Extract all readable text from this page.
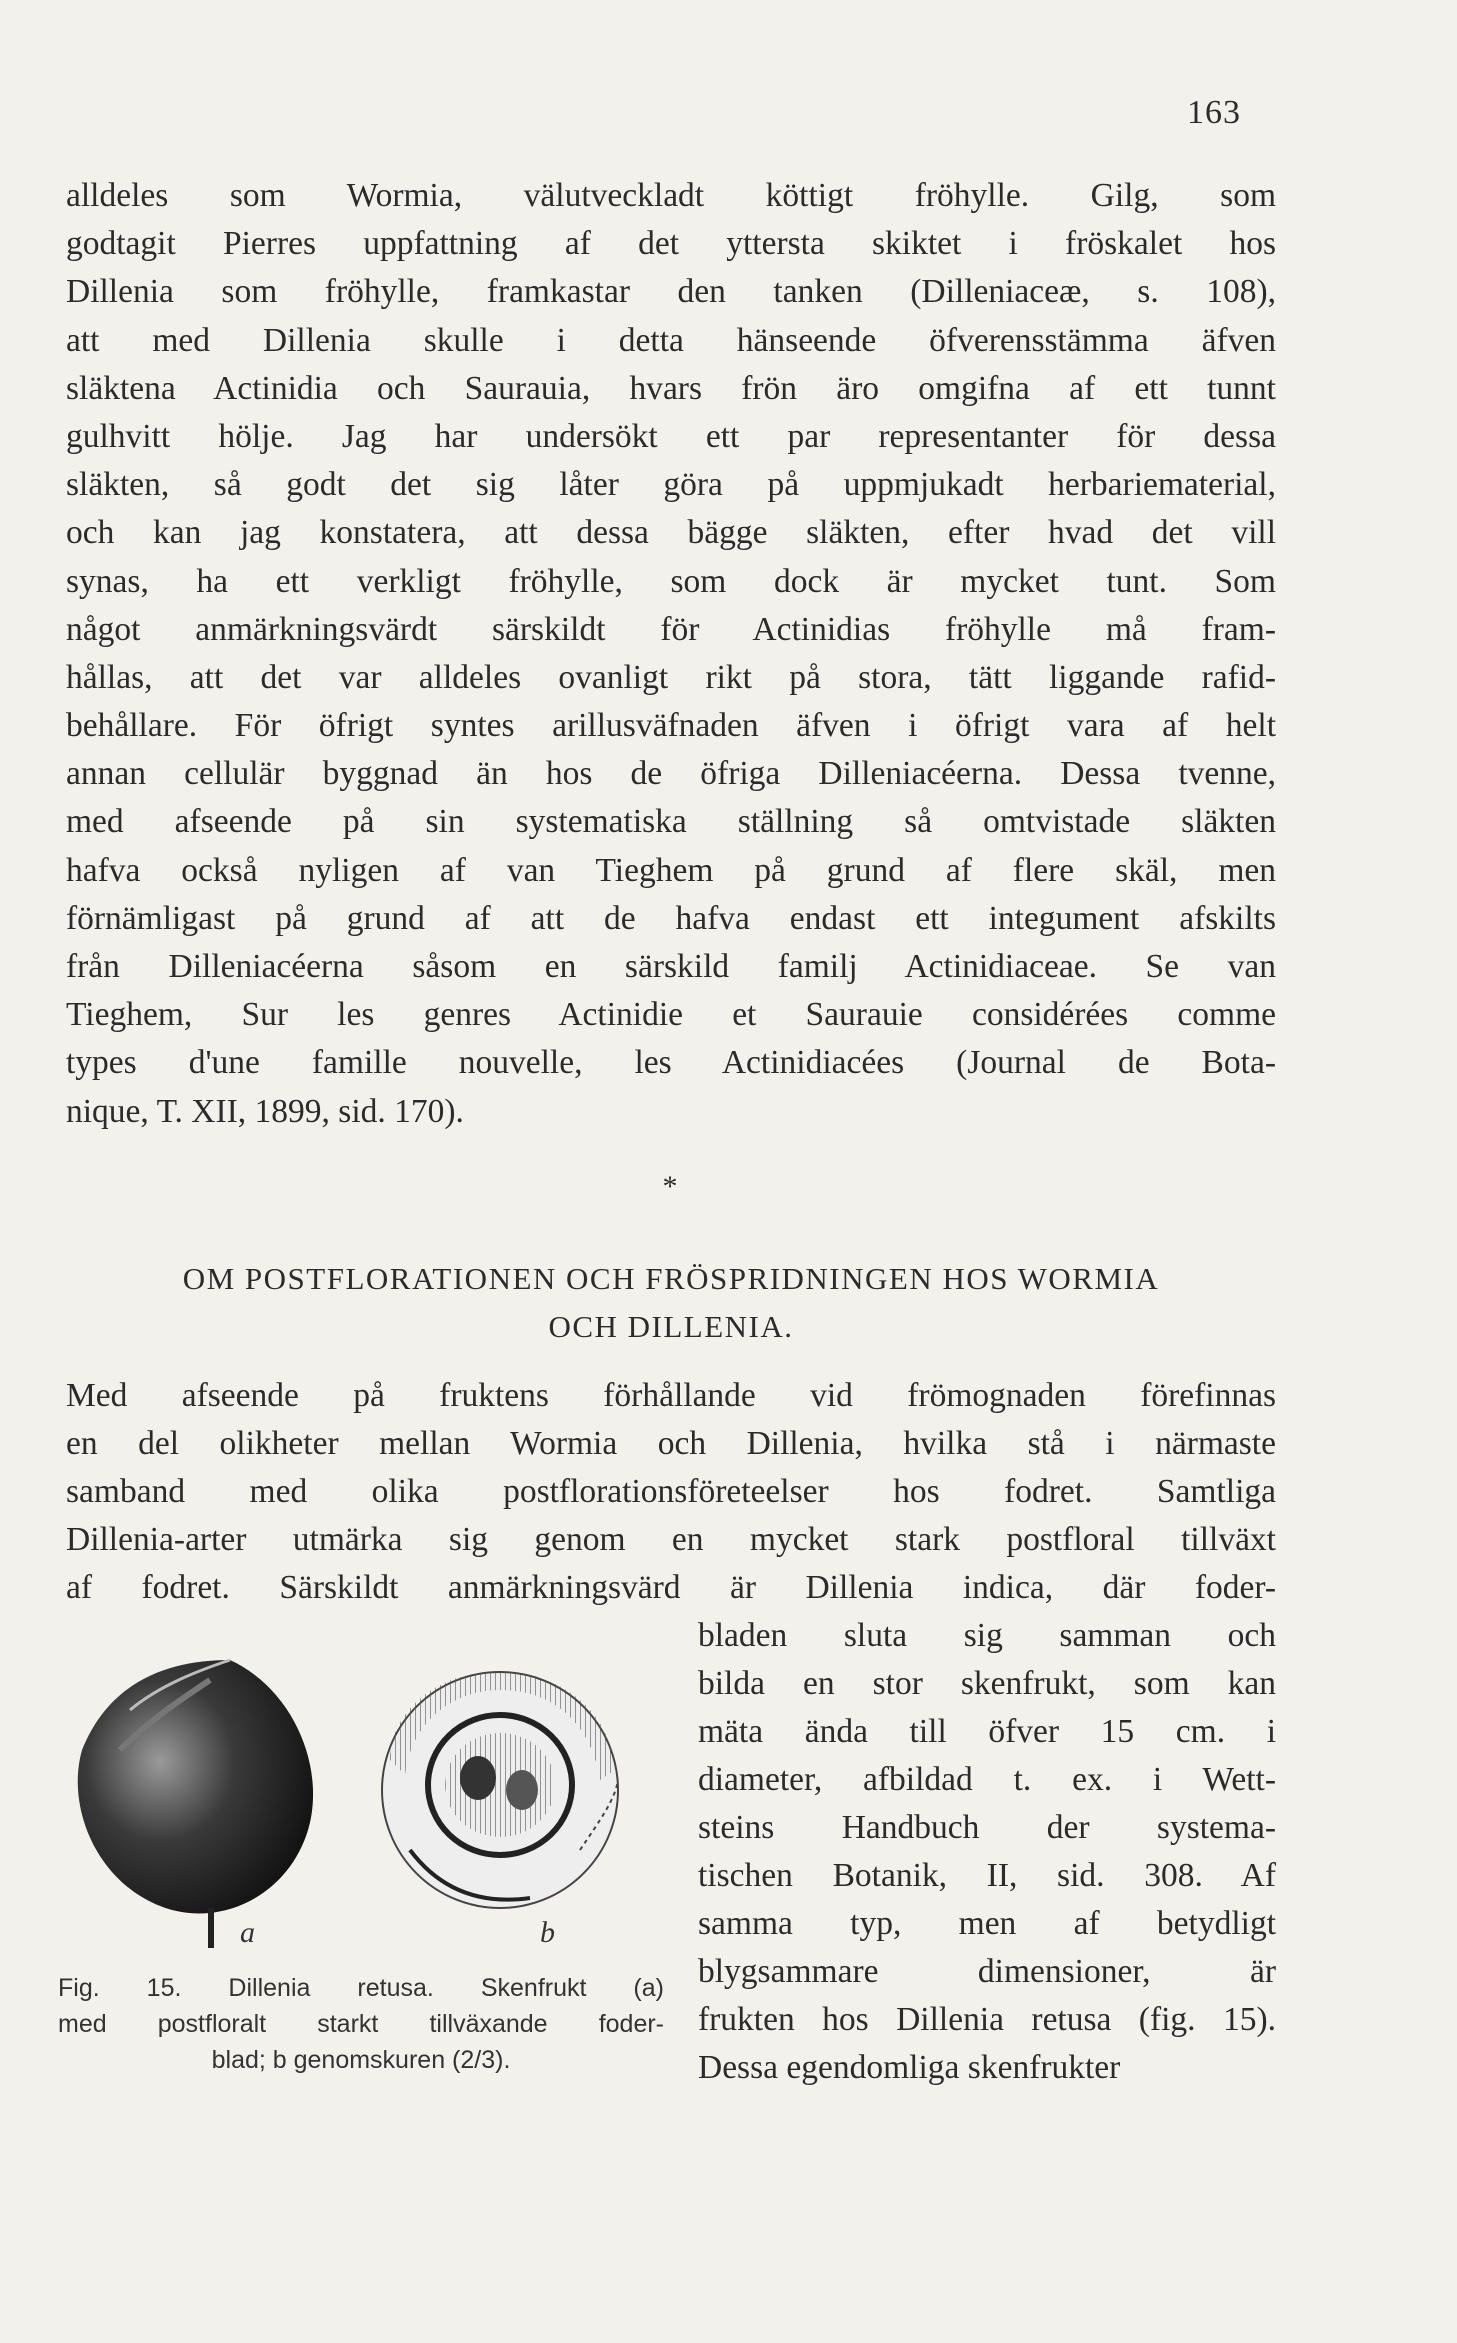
163
alldeles som Wormia, välutveckladt köttigt fröhylle. Gilg, som
godtagit Pierres uppfattning af det yttersta skiktet i fröskalet hos
Dillenia som fröhylle, framkastar den tanken (Dilleniaceæ, s. 108),
att med Dillenia skulle i detta hänseende öfverensstämma äfven
släktena Actinidia och Saurauia, hvars frön äro omgifna af ett tunnt
gulhvitt hölje. Jag har undersökt ett par representanter för dessa
släkten, så godt det sig låter göra på uppmjukadt herbariematerial,
och kan jag konstatera, att dessa bägge släkten, efter hvad det vill
synas, ha ett verkligt fröhylle, som dock är mycket tunt. Som
något anmärkningsvärdt särskildt för Actinidias fröhylle må fram-
hållas, att det var alldeles ovanligt rikt på stora, tätt liggande rafid-
behållare. För öfrigt syntes arillusväfnaden äfven i öfrigt vara af helt
annan cellulär byggnad än hos de öfriga Dilleniacéerna. Dessa tvenne,
med afseende på sin systematiska ställning så omtvistade släkten
hafva också nyligen af van Tieghem på grund af flere skäl, men
förnämligast på grund af att de hafva endast ett integument afskilts
från Dilleniacéerna såsom en särskild familj Actinidiaceae. Se van
Tieghem, Sur les genres Actinidie et Saurauie considérées comme
types d'une famille nouvelle, les Actinidiacées (Journal de Bota-
nique, T. XII, 1899, sid. 170).
*
OM POSTFLORATIONEN OCH FRÖSPRIDNINGEN HOS WORMIA
OCH DILLENIA.
Med afseende på fruktens förhållande vid frömognaden förefinnas
en del olikheter mellan Wormia och Dillenia, hvilka stå i närmaste
samband med olika postflorationsföreteelser hos fodret. Samtliga
Dillenia-arter utmärka sig genom en mycket stark postfloral tillväxt
af fodret. Särskildt anmärkningsvärd är Dillenia indica, där foder-
bladen sluta sig samman och
bilda en stor skenfrukt, som kan
mäta ända till öfver 15 cm. i
diameter, afbildad t. ex. i Wett-
steins Handbuch der systema-
tischen Botanik, II, sid. 308. Af
samma typ, men af betydligt
blygsammare dimensioner, är
frukten hos Dillenia retusa (fig. 15).
Dessa egendomliga skenfrukter
a	b
Fig. 15. Dillenia retusa. Skenfrukt (a)
med postfloralt starkt tillväxande foder-
blad; b genomskuren (2/3).
